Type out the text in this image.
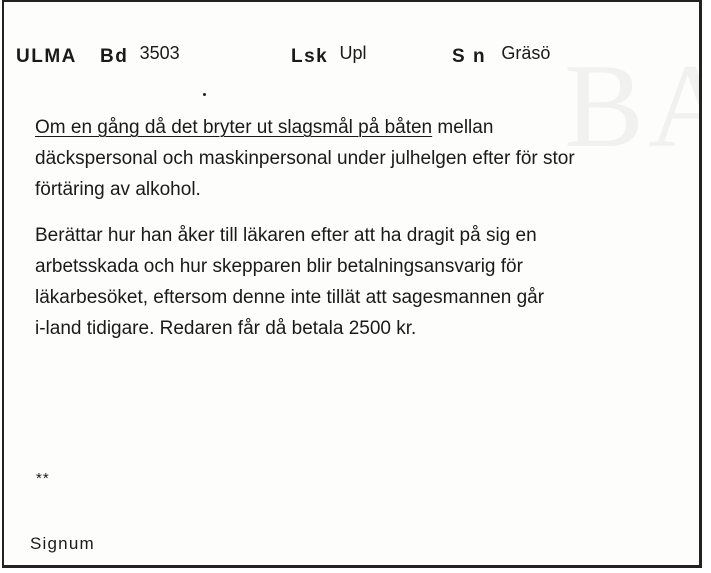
ULMA Bd 3503	Lsk Upl	S n Gräsö

Om en gång då det bryter ut slagsmål på båten mellan
däckspersonal och maskinpersonal under julhelgen efter för stor
förtäring av alkohol.

Berättar hur han åker till läkaren efter att ha dragit på sig en
arbetsskada och hur skepparen blir betalningsansvarig för
läkarbesöket, eftersom denne inte tillät att sagesmannen går
i-land tidigare. Redaren får då betala 2500 kr.

**
Signum
